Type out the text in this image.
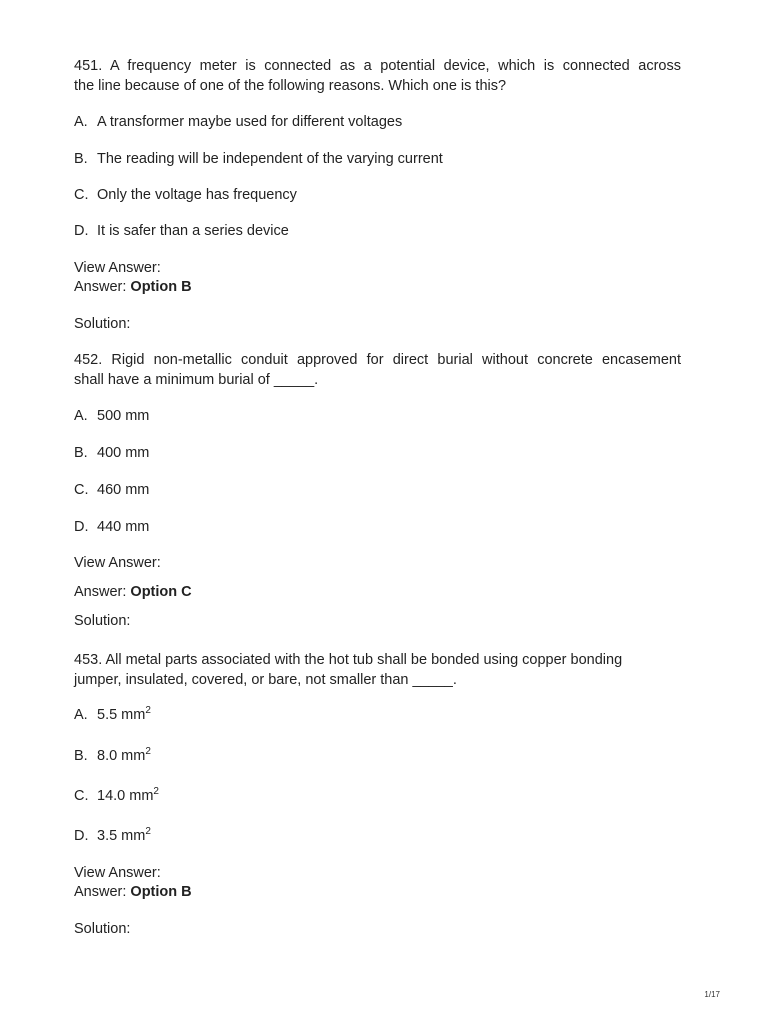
451. A frequency meter is connected as a potential device, which is connected across
the line because of one of the following reasons. Which one is this?
A. A transformer maybe used for different voltages
B. The reading will be independent of the varying current
C. Only the voltage has frequency
D. It is safer than a series device
View Answer:
Answer: Option B
Solution:
452. Rigid non-metallic conduit approved for direct burial without concrete encasement
shall have a minimum burial of _____.
A. 500 mm
B. 400 mm
C. 460 mm
D. 440 mm
View Answer:
Answer: Option C
Solution:
453. All metal parts associated with the hot tub shall be bonded using copper bonding
jumper, insulated, covered, or bare, not smaller than _____.
A. 5.5 $mm^2$
B. 8.0 $mm^2$
C. 14.0 $mm^2$
D. 3.5 $mm^2$
View Answer:
Answer: Option B
Solution:
1/17
